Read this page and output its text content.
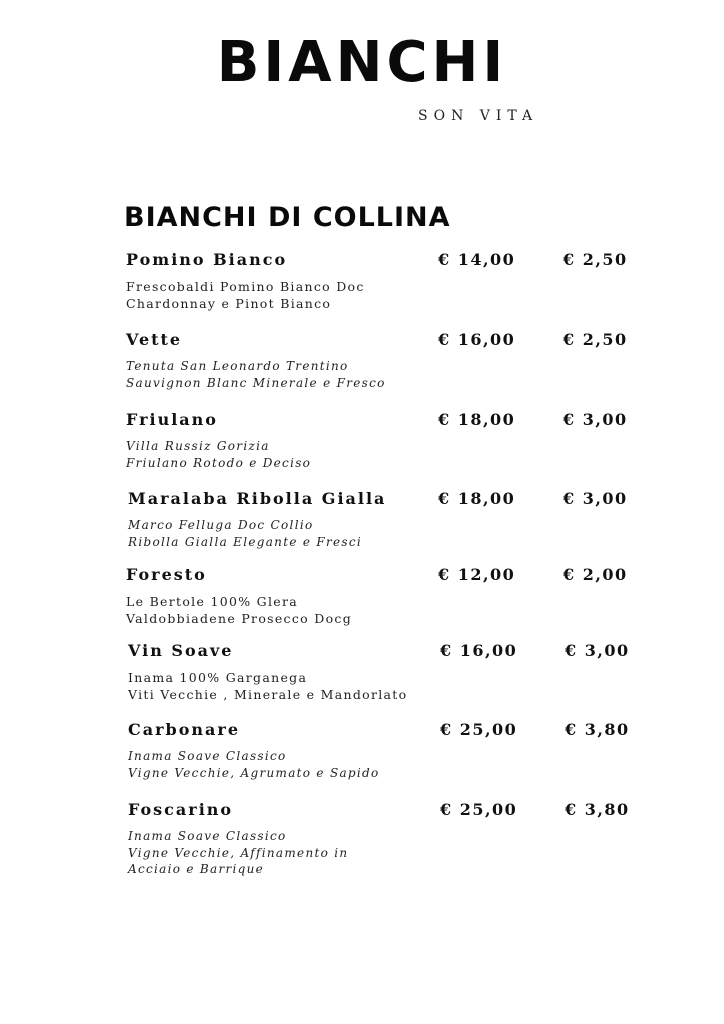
BIANCHI
SON VITA
BIANCHI DI COLLINA
Pomino Bianco	€ 14,00	€ 2,50
Frescobaldi Pomino Bianco Doc
Chardonnay e Pinot Bianco
Vette	€ 16,00	€ 2,50
Tenuta San Leonardo Trentino
Sauvignon Blanc Minerale e Fresco
Friulano	€ 18,00	€ 3,00
Villa Russiz Gorizia
Friulano Rotodo e Deciso
Maralaba Ribolla Gialla	€ 18,00	€ 3,00
Marco Felluga Doc Collio
Ribolla Gialla Elegante e Fresci
Foresto	€ 12,00	€ 2,00
Le Bertole 100% Glera
Valdobbiadene Prosecco Docg
Vin Soave	€ 16,00	€ 3,00
Inama 100% Garganega
Viti Vecchie , Minerale e Mandorlato
Carbonare	€ 25,00	€ 3,80
Inama Soave Classico
Vigne Vecchie, Agrumato e Sapido
Foscarino	€ 25,00	€ 3,80
Inama Soave Classico
Vigne Vecchie, Affinamento in
Acciaio e Barrique
